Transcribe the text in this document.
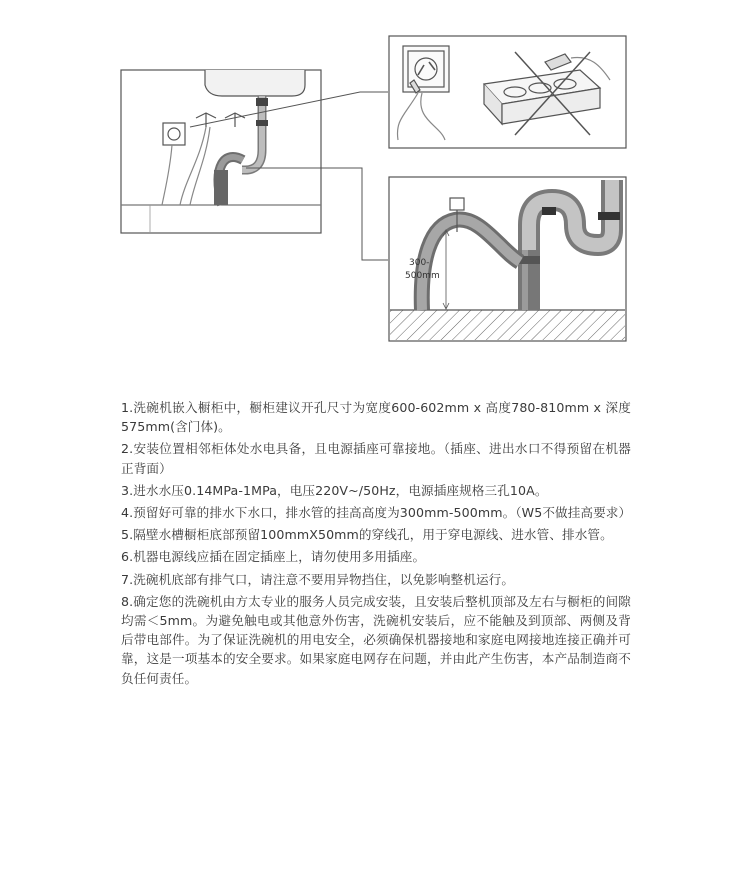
300-
500mm
1.洗碗机嵌入橱柜中，橱柜建议开孔尺寸为宽度600-602mm x 高度780-810mm x 深度575mm(含门体)。
2.安装位置相邻柜体处水电具备，且电源插座可靠接地。（插座、进出水口不得预留在机器正背面）
3.进水水压0.14MPa-1MPa，电压220V~/50Hz，电源插座规格三孔10A。
4.预留好可靠的排水下水口，排水管的挂高高度为300mm-500mm。（W5不做挂高要求）
5.隔壁水槽橱柜底部预留100mmX50mm的穿线孔，用于穿电源线、进水管、排水管。
6.机器电源线应插在固定插座上，请勿使用多用插座。
7.洗碗机底部有排气口，请注意不要用异物挡住，以免影响整机运行。
8.确定您的洗碗机由方太专业的服务人员完成安装，且安装后整机顶部及左右与橱柜的间隙均需＜5mm。为避免触电或其他意外伤害，洗碗机安装后，应不能触及到顶部、两侧及背后带电部件。为了保证洗碗机的用电安全，必须确保机器接地和家庭电网接地连接正确并可靠，这是一项基本的安全要求。如果家庭电网存在问题，并由此产生伤害，本产品制造商不负任何责任。
